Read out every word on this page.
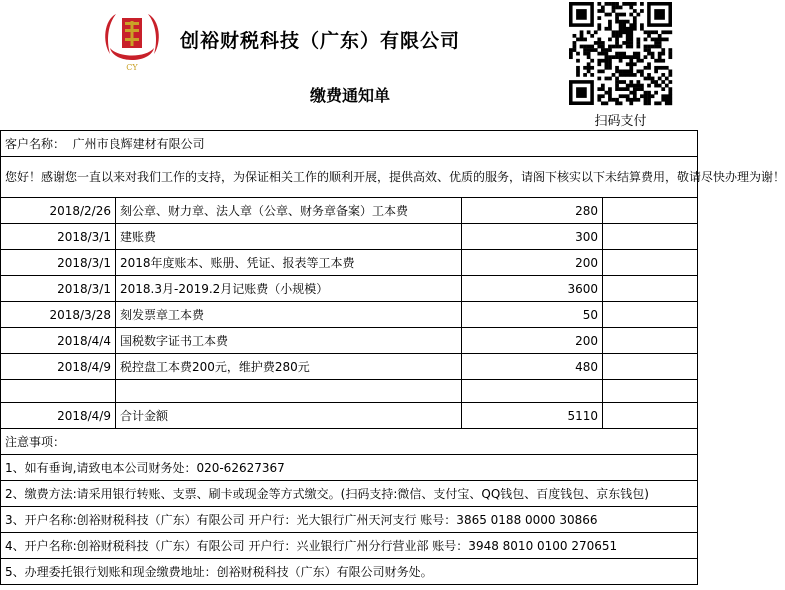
CY
创裕财税科技（广东）有限公司
缴费通知单
扫码支付
客户名称： 广州市良辉建材有限公司			
您好！感谢您一直以来对我们工作的支持，为保证相关工作的顺利开展，提供高效、优质的服务，请阁下核实以下未结算费用，敬请尽快办理为谢！			
2018/2/26	刻公章、财力章、法人章（公章、财务章备案）工本费	280	
2018/3/1	建账费	300	
2018/3/1	2018年度账本、账册、凭证、报表等工本费	200	
2018/3/1	2018.3月-2019.2月记账费（小规模）	3600	
2018/3/28	刻发票章工本费	50	
2018/4/4	国税数字证书工本费	200	
2018/4/9	税控盘工本费200元，维护费280元	480	

2018/4/9	合计金额	5110	
注意事项：			
1、如有垂询,请致电本公司财务处：020-62627367			
2、缴费方法:请采用银行转账、支票、刷卡或现金等方式缴交。(扫码支持:微信、支付宝、QQ钱包、百度钱包、京东钱包)			
3、开户名称:创裕财税科技（广东）有限公司 开户行：光大银行广州天河支行 账号：3865 0188 0000 30866			
4、开户名称:创裕财税科技（广东）有限公司 开户行：兴业银行广州分行营业部 账号：3948 8010 0100 270651			
5、办理委托银行划账和现金缴费地址：创裕财税科技（广东）有限公司财务处。			
